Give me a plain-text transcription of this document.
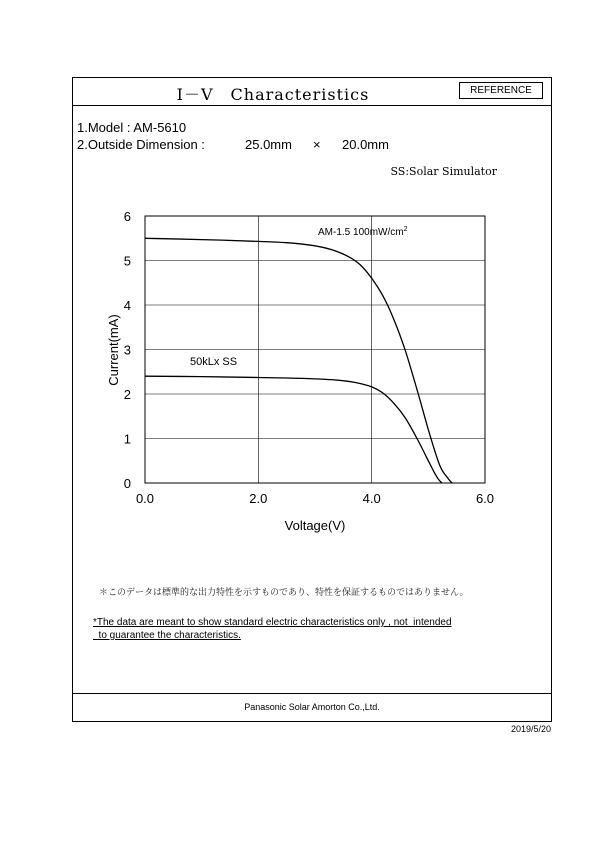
Ⅰ－Ⅴ　Characteristics	REFERENCE
1.Model : AM-5610
2.Outside Dimension :	25.0mm × 20.0mm
SS:Solar Simulator
0.0	2.0	4.0	6.0
0
1
2
3
4
5
6
Voltage(V)
Current(mA)
AM-1.5 $100mW/cm^2$
50kLx SS
＊このデータは標準的な出力特性を示すものであり、特性を保証するものではありません。
*The data are meant to show standard electric characteristics only , not  intended
to guarantee the characteristics.
Panasonic Solar Amorton Co.,Ltd.
2019/5/20
